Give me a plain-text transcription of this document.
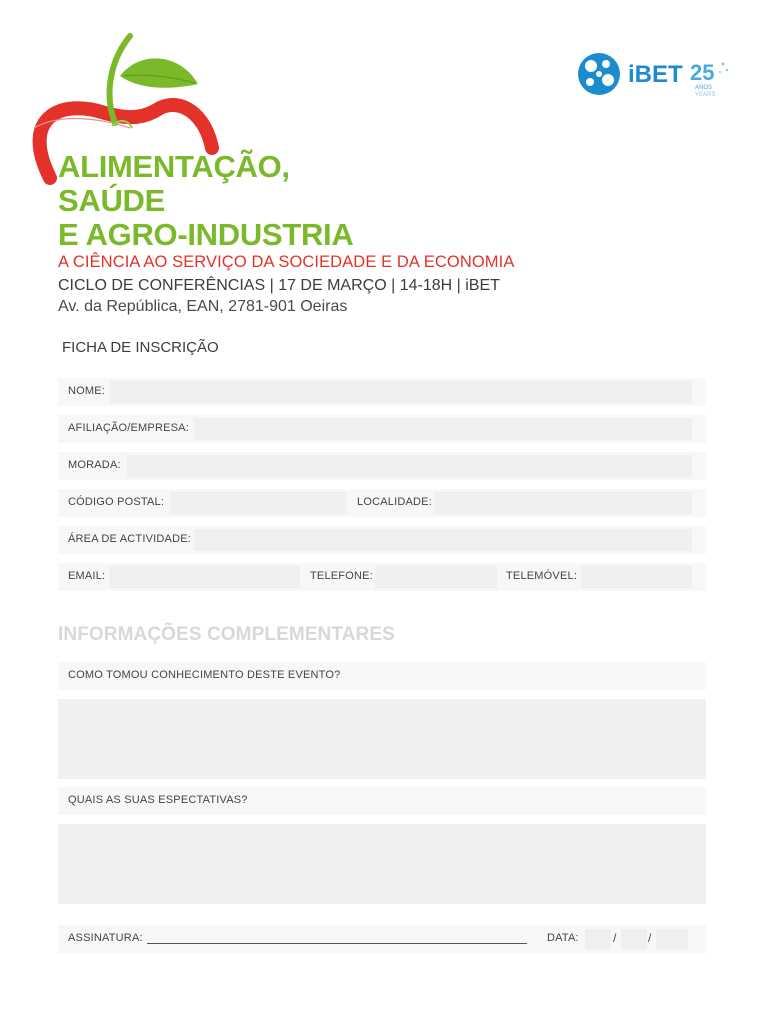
iBET 25
ANOS
YEARS
ALIMENTAÇÃO,
SAÚDE
E AGRO-INDUSTRIA
A CIÊNCIA AO SERVIÇO DA SOCIEDADE E DA ECONOMIA
CICLO DE CONFERÊNCIAS | 17 DE MARÇO | 14-18H | iBET
Av. da República, EAN, 2781-901 Oeiras
FICHA DE INSCRIÇÃO
NOME:
AFILIAÇÃO/EMPRESA:
MORADA:
CÓDIGO POSTAL:	LOCALIDADE:
ÁREA DE ACTIVIDADE:
EMAIL:	TELEFONE:	TELEMÓVEL:
INFORMAÇÕES COMPLEMENTARES
COMO TOMOU CONHECIMENTO DESTE EVENTO?
QUAIS AS SUAS ESPECTATIVAS?
ASSINATURA:	DATA:	/	/
